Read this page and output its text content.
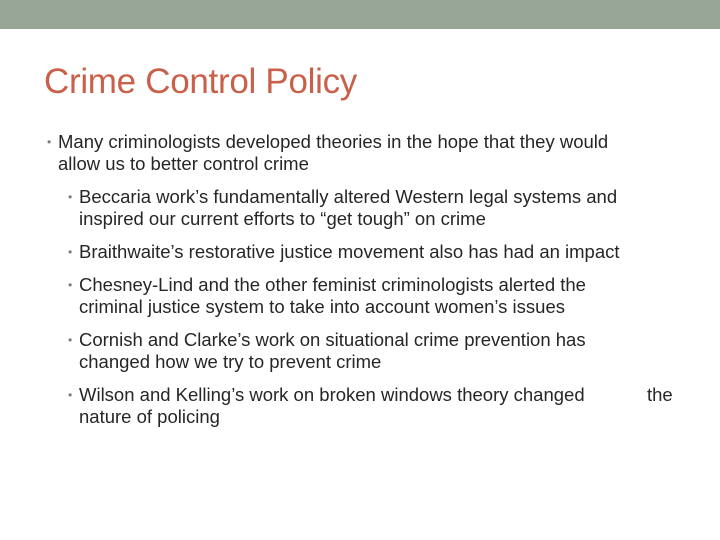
Crime Control Policy
• Many criminologists developed theories in the hope that they would allow us to better control crime
• Beccaria work’s fundamentally altered Western legal systems and inspired our current efforts to “get tough” on crime
• Braithwaite’s restorative justice movement also has had an impact
• Chesney-Lind and the other feminist criminologists alerted the criminal justice system to take into account women’s issues
• Cornish and Clarke’s work on situational crime prevention has changed how we try to prevent crime
• Wilson and Kelling’s work on broken windows theory changed nature of policing
the
